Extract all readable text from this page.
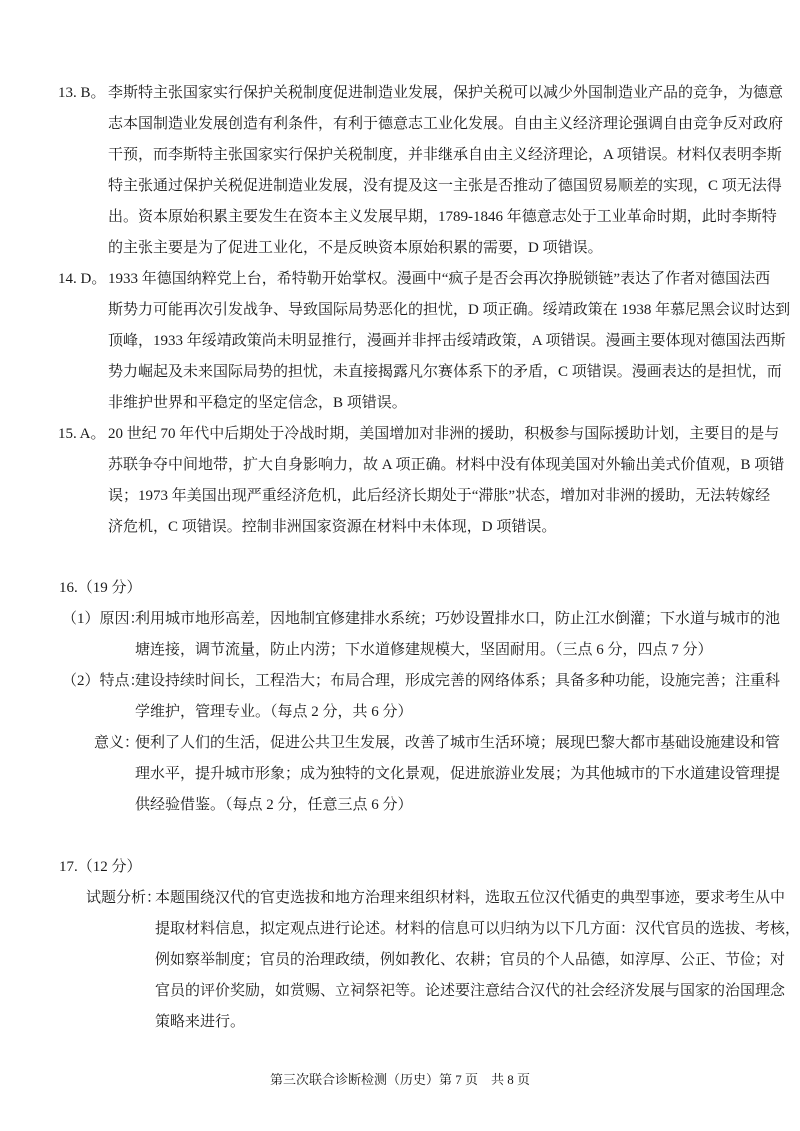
13. B。 李斯特主张国家实行保护关税制度促进制造业发展，保护关税可以减少外国制造业产品的竞争，为德意
志本国制造业发展创造有利条件，有利于德意志工业化发展。自由主义经济理论强调自由竞争反对政府
干预，而李斯特主张国家实行保护关税制度，并非继承自由主义经济理论，A 项错误。材料仅表明李斯
特主张通过保护关税促进制造业发展，没有提及这一主张是否推动了德国贸易顺差的实现，C 项无法得
出。资本原始积累主要发生在资本主义发展早期，1789-1846 年德意志处于工业革命时期，此时李斯特
的主张主要是为了促进工业化，不是反映资本原始积累的需要，D 项错误。
14. D。 1933 年德国纳粹党上台，希特勒开始掌权。漫画中“疯子是否会再次挣脱锁链”表达了作者对德国法西
斯势力可能再次引发战争、导致国际局势恶化的担忧，D 项正确。绥靖政策在 1938 年慕尼黑会议时达到
顶峰，1933 年绥靖政策尚未明显推行，漫画并非抨击绥靖政策，A 项错误。漫画主要体现对德国法西斯
势力崛起及未来国际局势的担忧，未直接揭露凡尔赛体系下的矛盾，C 项错误。漫画表达的是担忧，而
非维护世界和平稳定的坚定信念，B 项错误。
15. A。 20 世纪 70 年代中后期处于冷战时期，美国增加对非洲的援助，积极参与国际援助计划，主要目的是与
苏联争夺中间地带，扩大自身影响力，故 A 项正确。材料中没有体现美国对外输出美式价值观，B 项错
误；1973 年美国出现严重经济危机，此后经济长期处于“滞胀”状态，增加对非洲的援助，无法转嫁经
济危机，C 项错误。控制非洲国家资源在材料中未体现，D 项错误。
16.（19 分）
（1）原因：
利用城市地形高差，因地制宜修建排水系统；巧妙设置排水口，防止江水倒灌；下水道与城市的池
塘连接，调节流量，防止内涝；下水道修建规模大，坚固耐用。（三点 6 分，四点 7 分）
（2）特点：
建设持续时间长，工程浩大；布局合理，形成完善的网络体系；具备多种功能，设施完善；注重科
学维护，管理专业。（每点 2 分，共 6 分）
意义：
便利了人们的生活，促进公共卫生发展，改善了城市生活环境；展现巴黎大都市基础设施建设和管
理水平，提升城市形象；成为独特的文化景观，促进旅游业发展；为其他城市的下水道建设管理提
供经验借鉴。（每点 2 分，任意三点 6 分）
17.（12 分）
试题分析：
本题围绕汉代的官吏选拔和地方治理来组织材料，选取五位汉代循吏的典型事迹，要求考生从中
提取材料信息，拟定观点进行论述。材料的信息可以归纳为以下几方面：汉代官员的选拔、考核，
例如察举制度；官员的治理政绩，例如教化、农耕；官员的个人品德，如淳厚、公正、节俭；对
官员的评价奖励，如赏赐、立祠祭祀等。论述要注意结合汉代的社会经济发展与国家的治国理念
策略来进行。
第三次联合诊断检测（历史）第 7 页　共 8 页
